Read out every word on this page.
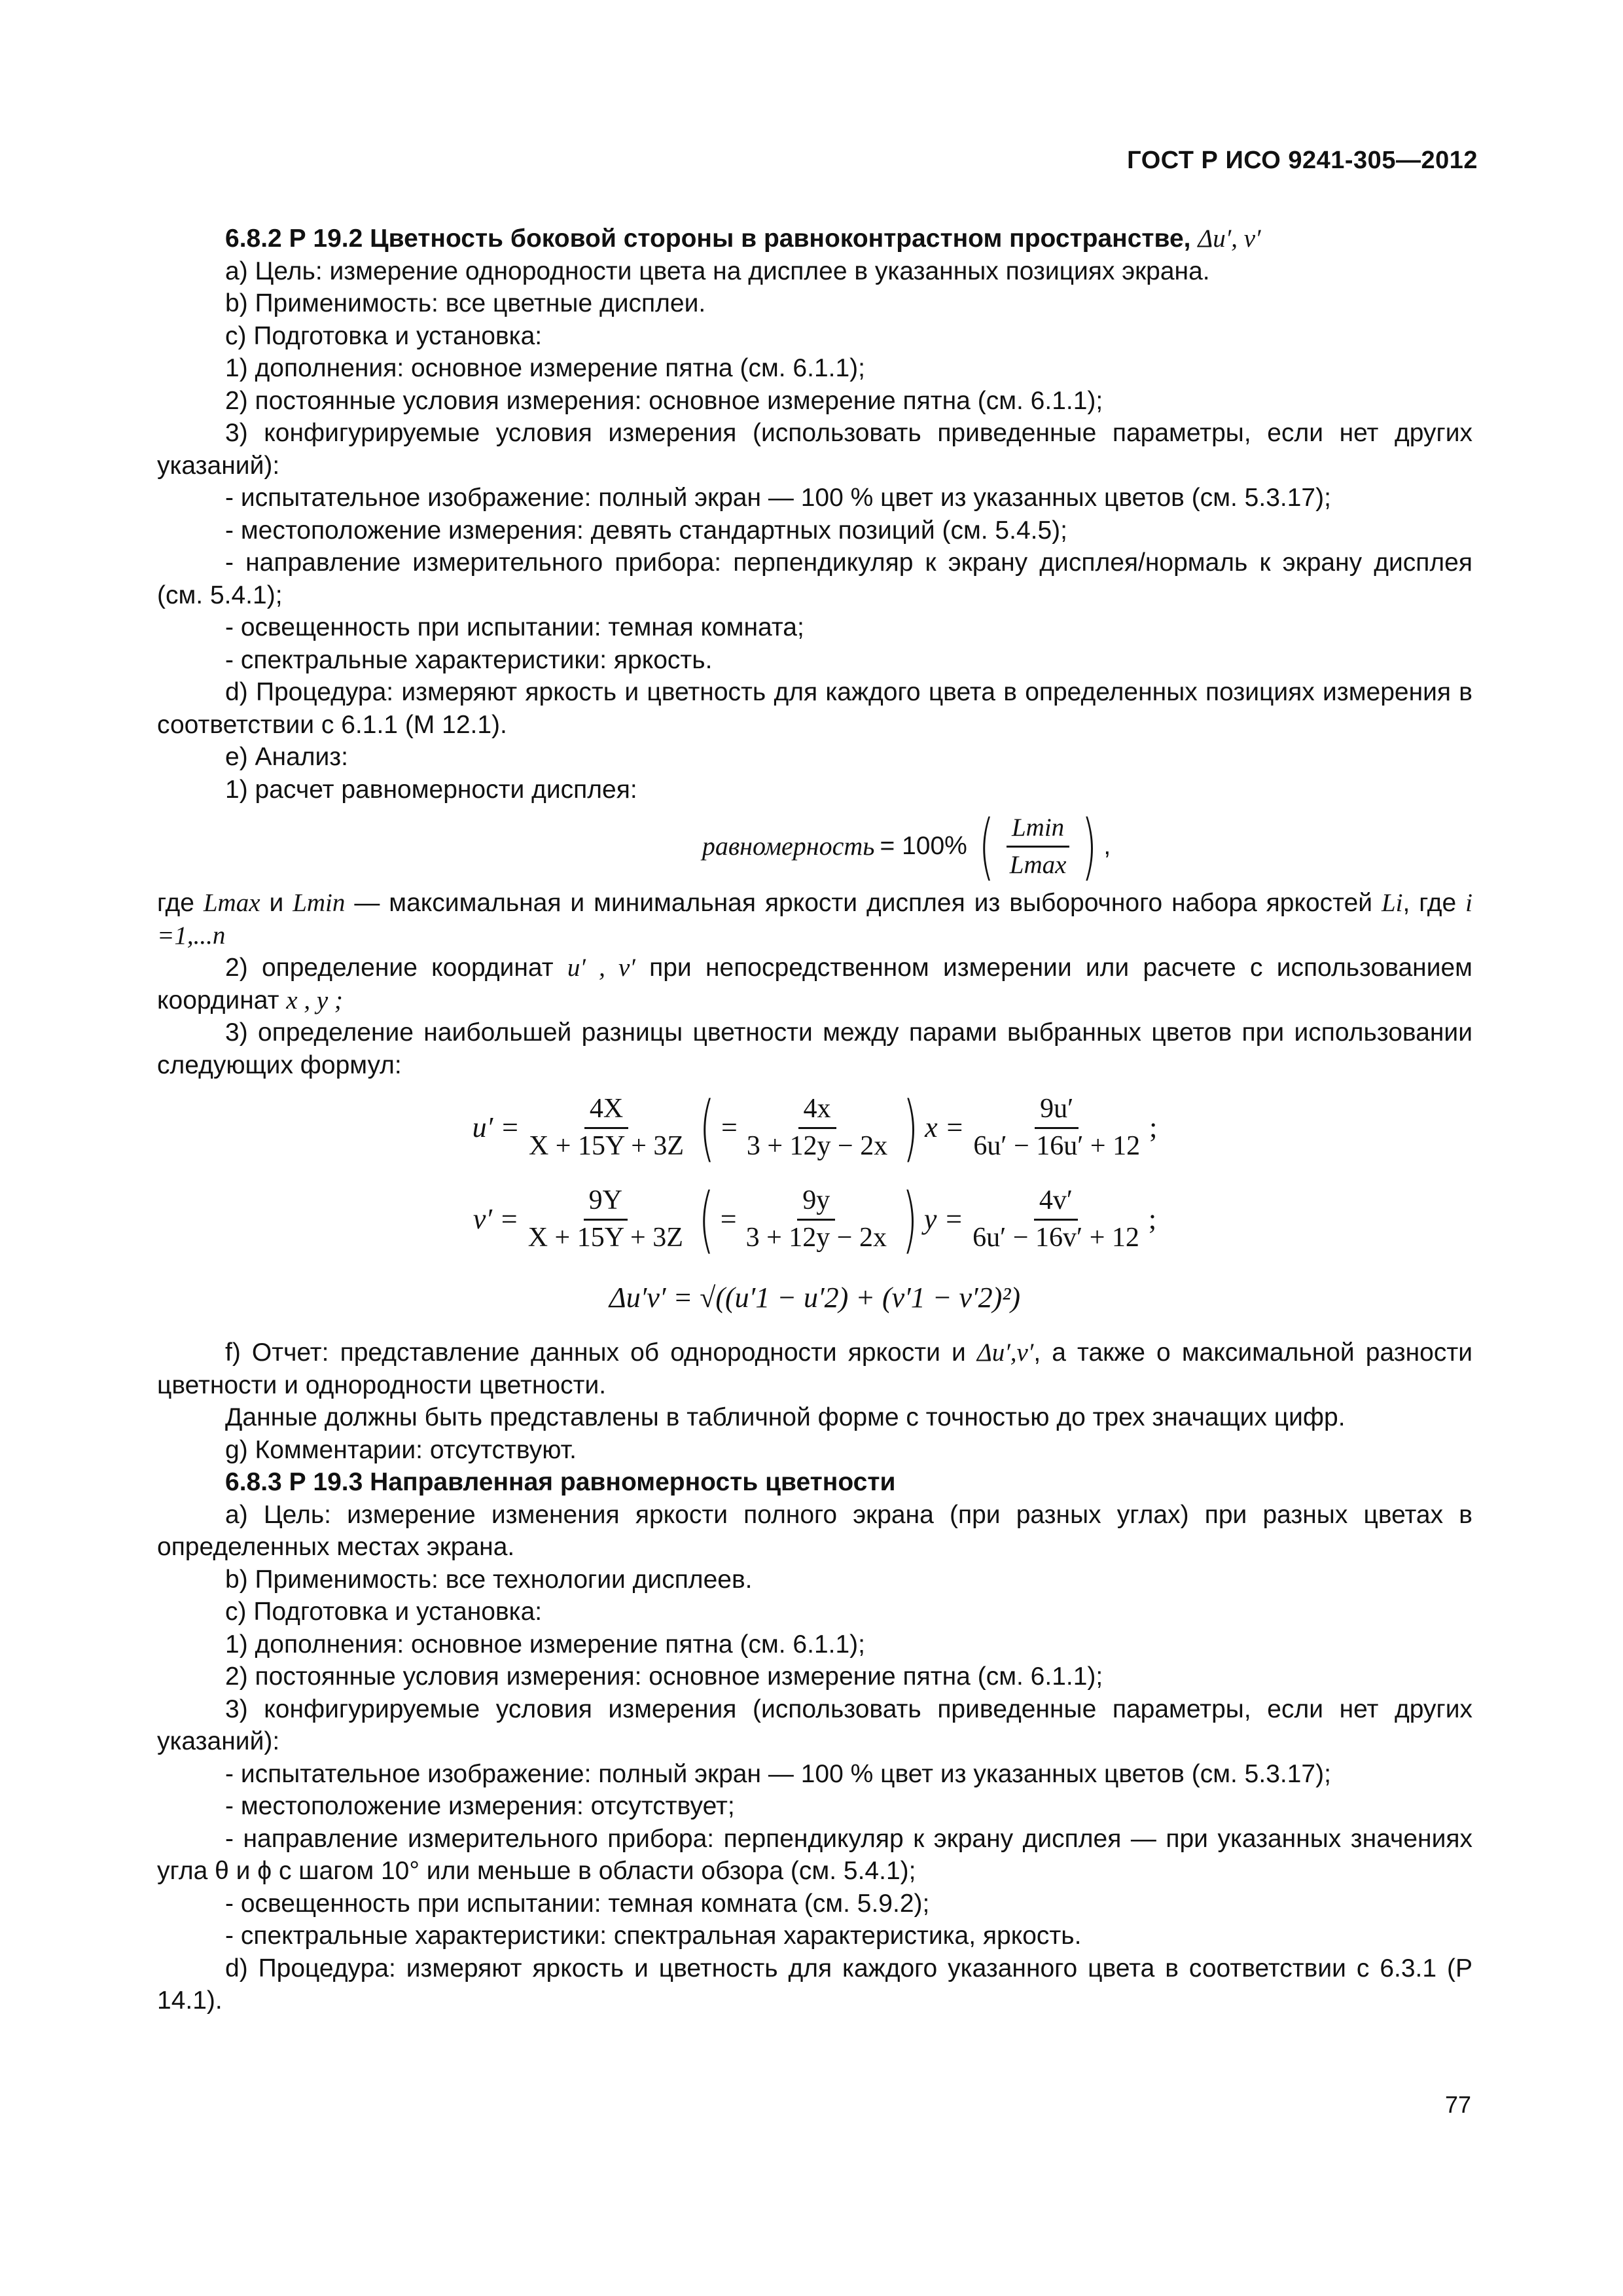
ГОСТ Р ИСО 9241-305—2012

6.8.2 Р 19.2 Цветность боковой стороны в равноконтрастном пространстве, Δu′, v′

а) Цель: измерение однородности цвета на дисплее в указанных позициях экрана.

b) Применимость: все цветные дисплеи.

с) Подготовка и установка:

1) дополнения: основное измерение пятна (см. 6.1.1);

2) постоянные условия измерения: основное измерение пятна (см. 6.1.1);

3) конфигурируемые условия измерения (использовать приведенные параметры, если нет других указаний):

- испытательное изображение: полный экран — 100 % цвет из указанных цветов (см. 5.3.17);

- местоположение измерения: девять стандартных позиций (см. 5.4.5);

- направление измерительного прибора: перпендикуляр к экрану дисплея/нормаль к экрану дисплея (см. 5.4.1);

- освещенность при испытании: темная комната;

- спектральные характеристики: яркость.

d) Процедура: измеряют яркость и цветность для каждого цвета в определенных позициях измерения в соответствии с 6.1.1 (М 12.1).

е) Анализ:

1) расчет равномерности дисплея:

равномерность = 100% ( $\frac{Lmin}{Lmax}$ ) ,

где Lmax и Lmin — максимальная и минимальная яркости дисплея из выборочного набора яркостей Li, где i =1,...n

2) определение координат u′ , v′ при непосредственном измерении или расчете с использованием координат x , y ;

3) определение наибольшей разницы цветности между парами выбранных цветов при использовании следующих формул:

$u' = \frac{4X}{X + 15Y + 3Z}$ ( = $\frac{4x}{3 + 12y - 2x}$ ) $x = \frac{9u'}{6u' - 16u' + 12}$ ;
$v' = \frac{9Y}{X + 15Y + 3Z}$ ( = $\frac{9y}{3 + 12y - 2x}$ ) $y = \frac{4v'}{6u' - 16v' + 12}$ ;
Δu′v′ = √((u′1 − u′2) + (v′1 − v′2)²)

f) Отчет: представление данных об однородности яркости и Δu′,v′, а также о максимальной разности цветности и однородности цветности.

Данные должны быть представлены в табличной форме с точностью до трех значащих цифр.

g) Комментарии: отсутствуют.

6.8.3 Р 19.3 Направленная равномерность цветности

а) Цель: измерение изменения яркости полного экрана (при разных углах) при разных цветах в определенных местах экрана.

b) Применимость: все технологии дисплеев.

с) Подготовка и установка:

1) дополнения: основное измерение пятна (см. 6.1.1);

2) постоянные условия измерения: основное измерение пятна (см. 6.1.1);

3) конфигурируемые условия измерения (использовать приведенные параметры, если нет других указаний):

- испытательное изображение: полный экран — 100 % цвет из указанных цветов (см. 5.3.17);

- местоположение измерения: отсутствует;

- направление измерительного прибора: перпендикуляр к экрану дисплея — при указанных значениях угла θ и ϕ с шагом 10° или меньше в области обзора (см. 5.4.1);

- освещенность при испытании: темная комната (см. 5.9.2);

- спектральные характеристики: спектральная характеристика, яркость.

d) Процедура: измеряют яркость и цветность для каждого указанного цвета в соответствии с 6.3.1 (Р 14.1).

77
